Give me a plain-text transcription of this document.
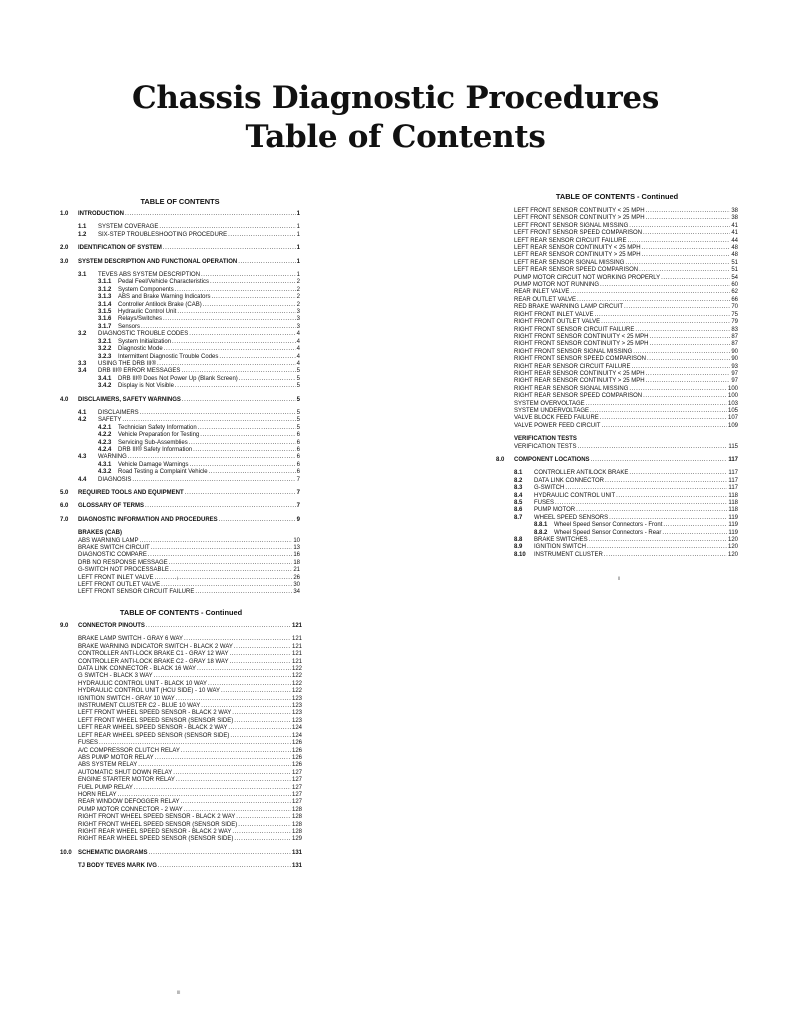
Chassis Diagnostic Procedures
Table of Contents
TABLE OF CONTENTS
1.0	INTRODUCTION .....	1
1.1	SYSTEM COVERAGE .....	1
1.2	SIX-STEP TROUBLESHOOTING PROCEDURE .....	1
2.0	IDENTIFICATION OF SYSTEM .....	1
3.0	SYSTEM DESCRIPTION AND FUNCTIONAL OPERATION .....	1
3.1	TEVES ABS SYSTEM DESCRIPTION .....	1
3.1.1	Pedal Feel/Vehicle Characteristics .....	2
3.1.2	System Components .....	2
3.1.3	ABS and Brake Warning Indicators .....	2
3.1.4	Controller Antilock Brake (CAB) .....	2
3.1.5	Hydraulic Control Unit .....	3
3.1.6	Relays/Switches .....	3
3.1.7	Sensors .....	3
3.2	DIAGNOSTIC TROUBLE CODES .....	4
3.2.1	System Initialization .....	4
3.2.2	Diagnostic Mode .....	4
3.2.3	Intermittent Diagnostic Trouble Codes .....	4
3.3	USING THE DRB III® .....	4
3.4	DRB III® ERROR MESSAGES .....	5
3.4.1	DRB III® Does Not Power Up (Blank Screen) .....	5
3.4.2	Display is Not Visible .....	5
4.0	DISCLAIMERS, SAFETY WARNINGS .....	5
4.1	DISCLAIMERS .....	5
4.2	SAFETY .....	5
4.2.1	Technician Safety Information .....	5
4.2.2	Vehicle Preparation for Testing .....	6
4.2.3	Servicing Sub-Assemblies .....	6
4.2.4	DRB III® Safety Information .....	6
4.3	WARNING .....	6
4.3.1	Vehicle Damage Warnings .....	6
4.3.2	Road Testing a Complaint Vehicle .....	6
4.4	DIAGNOSIS .....	7
5.0	REQUIRED TOOLS AND EQUIPMENT .....	7
6.0	GLOSSARY OF TERMS .....	7
7.0	DIAGNOSTIC INFORMATION AND PROCEDURES .....	9
BRAKES (CAB)
ABS WARNING LAMP .....	10
BRAKE SWITCH CIRCUIT .....	13
DIAGNOSTIC COMPARE .....	16
DRB NO RESPONSE MESSAGE .....	18
G-SWITCH NOT PROCESSABLE .....	21
LEFT FRONT INLET VALVE .....	26
LEFT FRONT OUTLET VALVE .....	30
LEFT FRONT SENSOR CIRCUIT FAILURE .....	34
i
TABLE OF CONTENTS - Continued
LEFT FRONT SENSOR CONTINUITY < 25 MPH .....	38
LEFT FRONT SENSOR CONTINUITY > 25 MPH .....	38
LEFT FRONT SENSOR SIGNAL MISSING .....	41
LEFT FRONT SENSOR SPEED COMPARISON .....	41
LEFT REAR SENSOR CIRCUIT FAILURE .....	44
LEFT REAR SENSOR CONTINUITY < 25 MPH .....	48
LEFT REAR SENSOR CONTINUITY > 25 MPH .....	48
LEFT REAR SENSOR SIGNAL MISSING .....	51
LEFT REAR SENSOR SPEED COMPARISON .....	51
PUMP MOTOR CIRCUIT NOT WORKING PROPERLY .....	54
PUMP MOTOR NOT RUNNING .....	60
REAR INLET VALVE .....	62
REAR OUTLET VALVE .....	66
RED BRAKE WARNING LAMP CIRCUIT .....	70
RIGHT FRONT INLET VALVE .....	75
RIGHT FRONT OUTLET VALVE .....	79
RIGHT FRONT SENSOR CIRCUIT FAILURE .....	83
RIGHT FRONT SENSOR CONTINUITY < 25 MPH .....	87
RIGHT FRONT SENSOR CONTINUITY > 25 MPH .....	87
RIGHT FRONT SENSOR SIGNAL MISSING .....	90
RIGHT FRONT SENSOR SPEED COMPARISON .....	90
RIGHT REAR SENSOR CIRCUIT FAILURE .....	93
RIGHT REAR SENSOR CONTINUITY < 25 MPH .....	97
RIGHT REAR SENSOR CONTINUITY > 25 MPH .....	97
RIGHT REAR SENSOR SIGNAL MISSING .....	100
RIGHT REAR SENSOR SPEED COMPARISON .....	100
SYSTEM OVERVOLTAGE .....	103
SYSTEM UNDERVOLTAGE .....	105
VALVE BLOCK FEED FAILURE .....	107
VALVE POWER FEED CIRCUIT .....	109
VERIFICATION TESTS
VERIFICATION TESTS .....	115
8.0	COMPONENT LOCATIONS .....	117
8.1	CONTROLLER ANTILOCK BRAKE .....	117
8.2	DATA LINK CONNECTOR .....	117
8.3	G-SWITCH .....	117
8.4	HYDRAULIC CONTROL UNIT .....	118
8.5	FUSES .....	118
8.6	PUMP MOTOR .....	118
8.7	WHEEL SPEED SENSORS .....	119
8.8.1	Wheel Speed Sensor Connectors - Front .....	119
8.8.2	Wheel Speed Sensor Connectors - Rear .....	119
8.8	BRAKE SWITCHES .....	120
8.9	IGNITION SWITCH .....	120
8.10	INSTRUMENT CLUSTER .....	120
ii
TABLE OF CONTENTS - Continued
9.0	CONNECTOR PINOUTS .....	121
BRAKE LAMP SWITCH - GRAY 6 WAY .....	121
BRAKE WARNING INDICATOR SWITCH - BLACK 2 WAY .....	121
CONTROLLER ANTI-LOCK BRAKE C1 - GRAY 12 WAY .....	121
CONTROLLER ANTI-LOCK BRAKE C2 - GRAY 18 WAY .....	121
DATA LINK CONNECTOR - BLACK 16 WAY .....	122
G SWITCH - BLACK 3 WAY .....	122
HYDRAULIC CONTROL UNIT - BLACK 10 WAY .....	122
HYDRAULIC CONTROL UNIT (HCU SIDE) - 10 WAY .....	122
IGNITION SWITCH - GRAY 10 WAY .....	123
INSTRUMENT CLUSTER C2 - BLUE 10 WAY .....	123
LEFT FRONT WHEEL SPEED SENSOR - BLACK 2 WAY .....	123
LEFT FRONT WHEEL SPEED SENSOR (SENSOR SIDE) .....	123
LEFT REAR WHEEL SPEED SENSOR - BLACK 2 WAY .....	124
LEFT REAR WHEEL SPEED SENSOR (SENSOR SIDE) .....	124
FUSES .....	126
A/C COMPRESSOR CLUTCH RELAY .....	126
ABS PUMP MOTOR RELAY .....	126
ABS SYSTEM RELAY .....	126
AUTOMATIC SHUT DOWN RELAY .....	127
ENGINE STARTER MOTOR RELAY .....	127
FUEL PUMP RELAY .....	127
HORN RELAY .....	127
REAR WINDOW DEFOGGER RELAY .....	127
PUMP MOTOR CONNECTOR - 2 WAY .....	128
RIGHT FRONT WHEEL SPEED SENSOR - BLACK 2 WAY .....	128
RIGHT FRONT WHEEL SPEED SENSOR (SENSOR SIDE) .....	128
RIGHT REAR WHEEL SPEED SENSOR - BLACK 2 WAY .....	128
RIGHT REAR WHEEL SPEED SENSOR (SENSOR SIDE) .....	129
10.0	SCHEMATIC DIAGRAMS .....	131
TJ BODY TEVES MARK IVG .....	131
iii
